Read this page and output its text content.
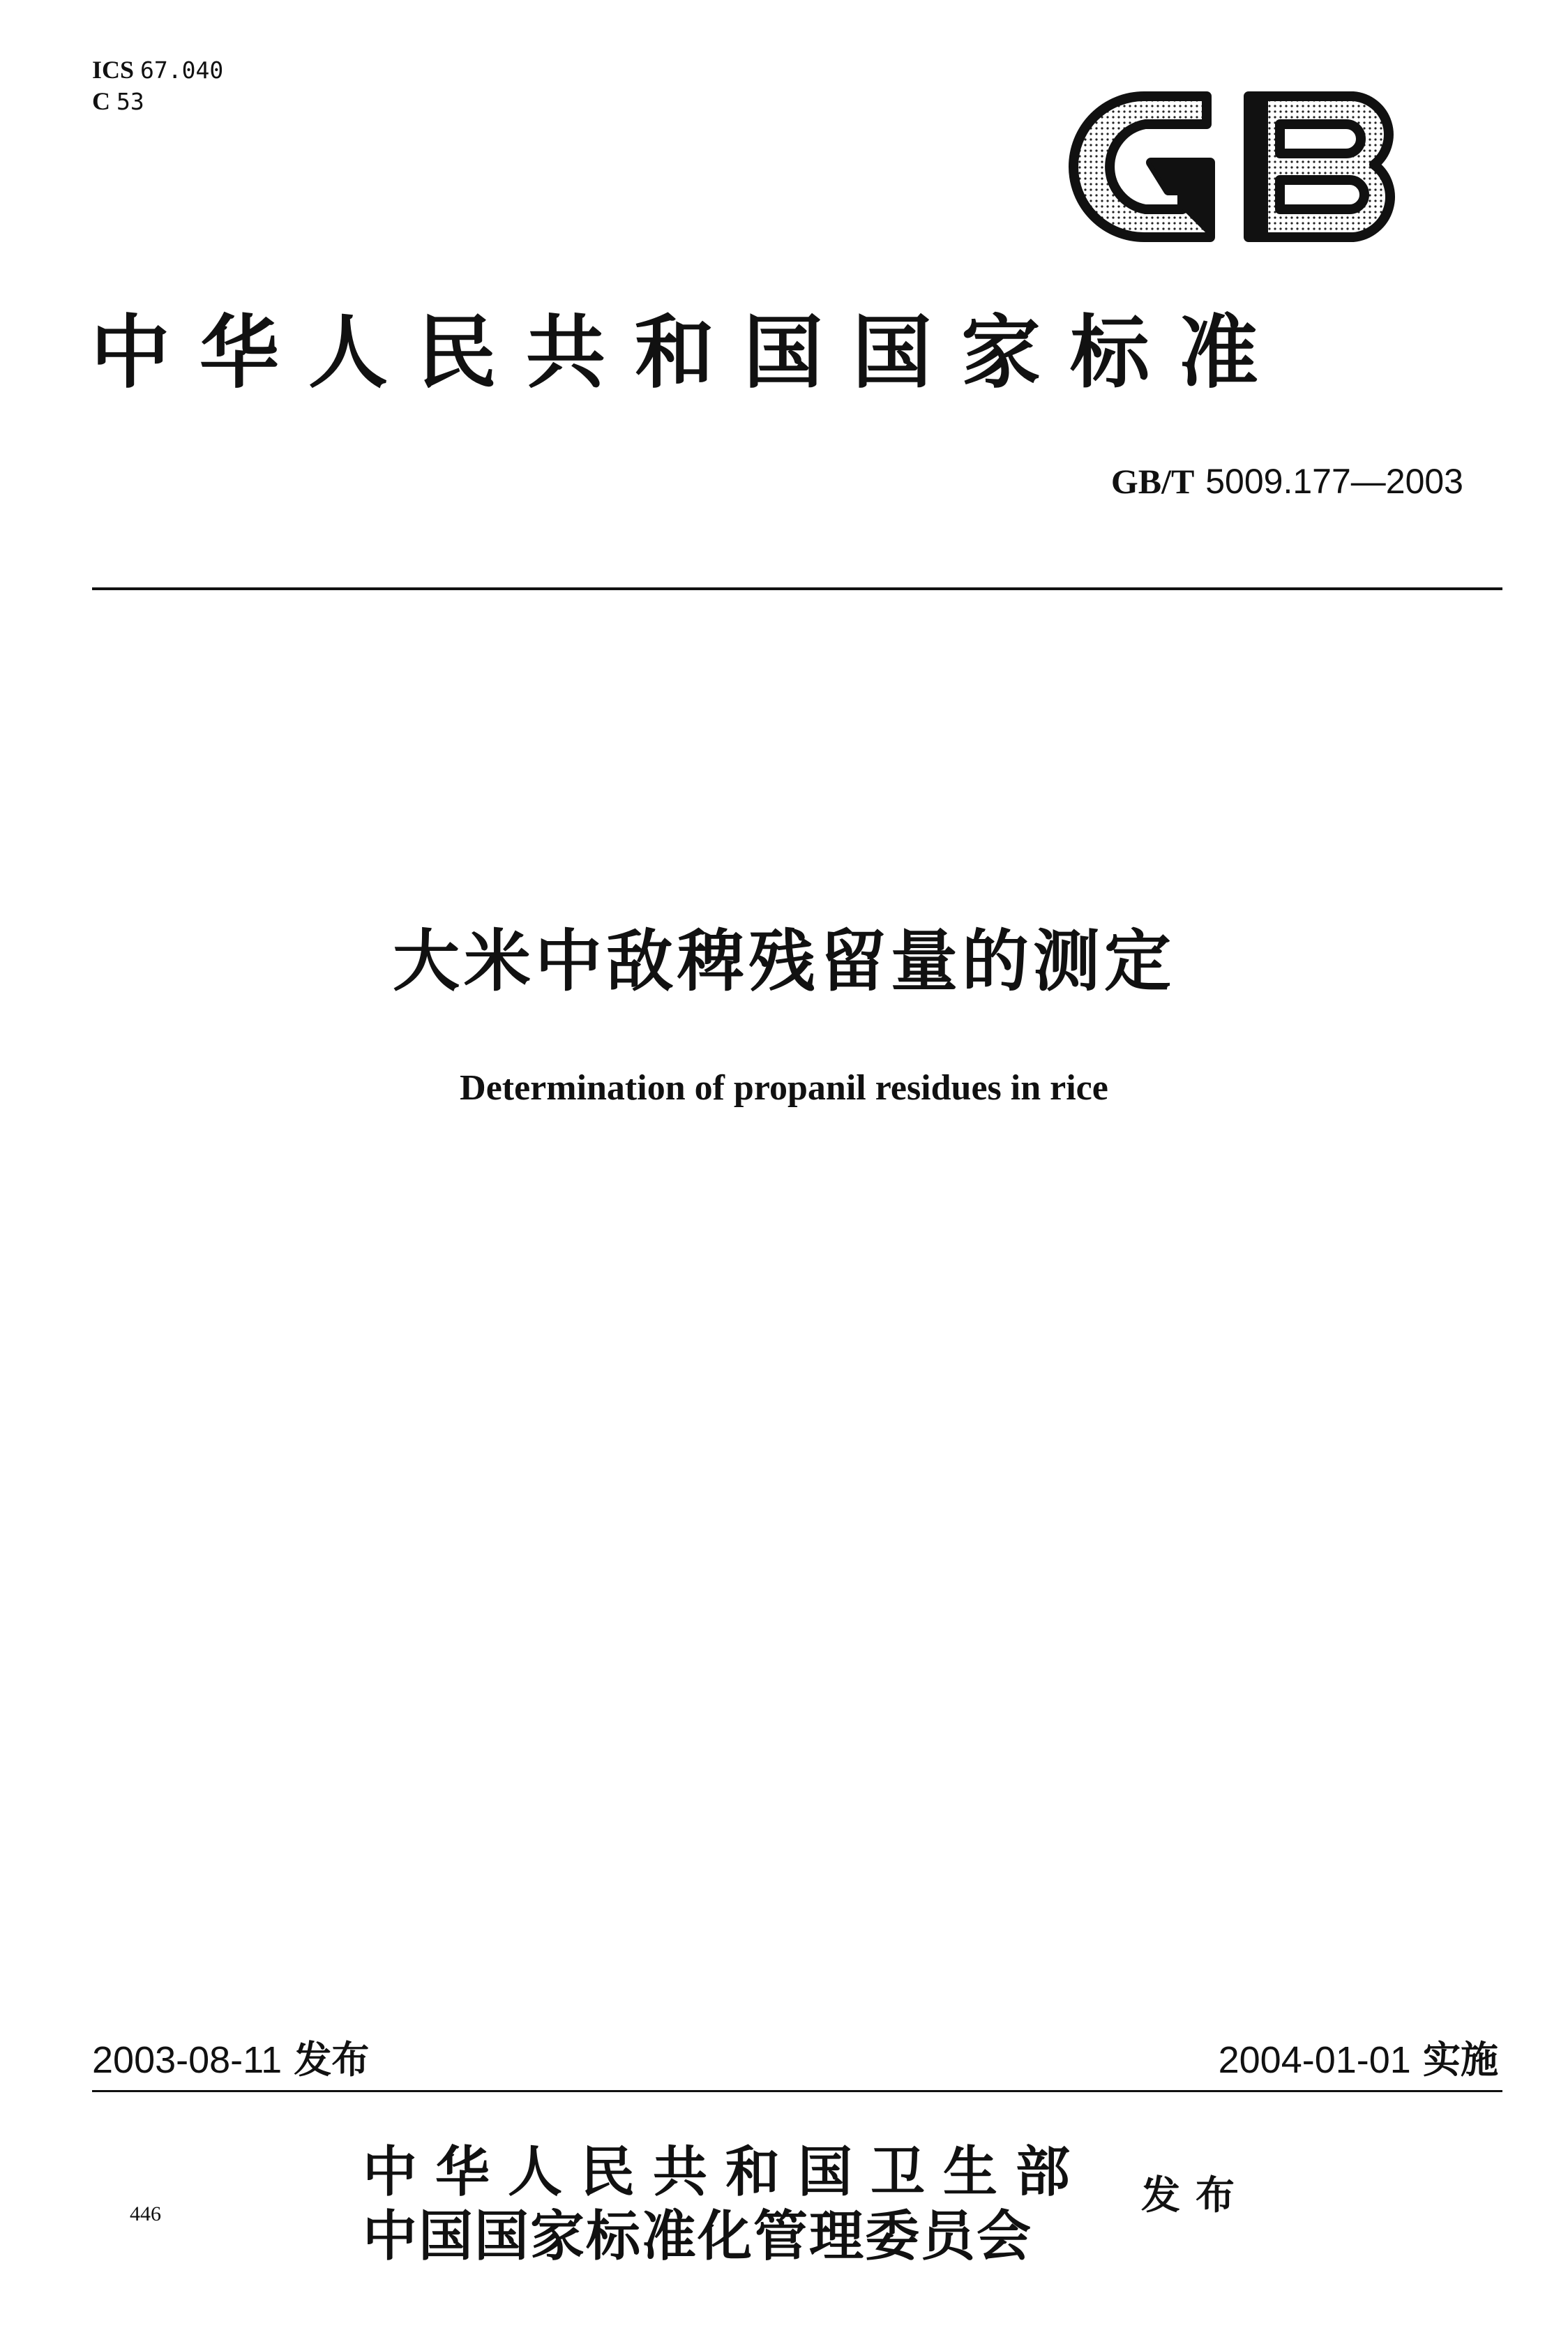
ICS 67.040
C 53
中华人民共和国国家标准
GB/T 5009.177—2003
大米中敌稗残留量的测定
Determination of propanil residues in rice
2003-08-11 发布	2004-01-01 实施
中华人民共和国卫生部
中国国家标准化管理委员会
发布
446
